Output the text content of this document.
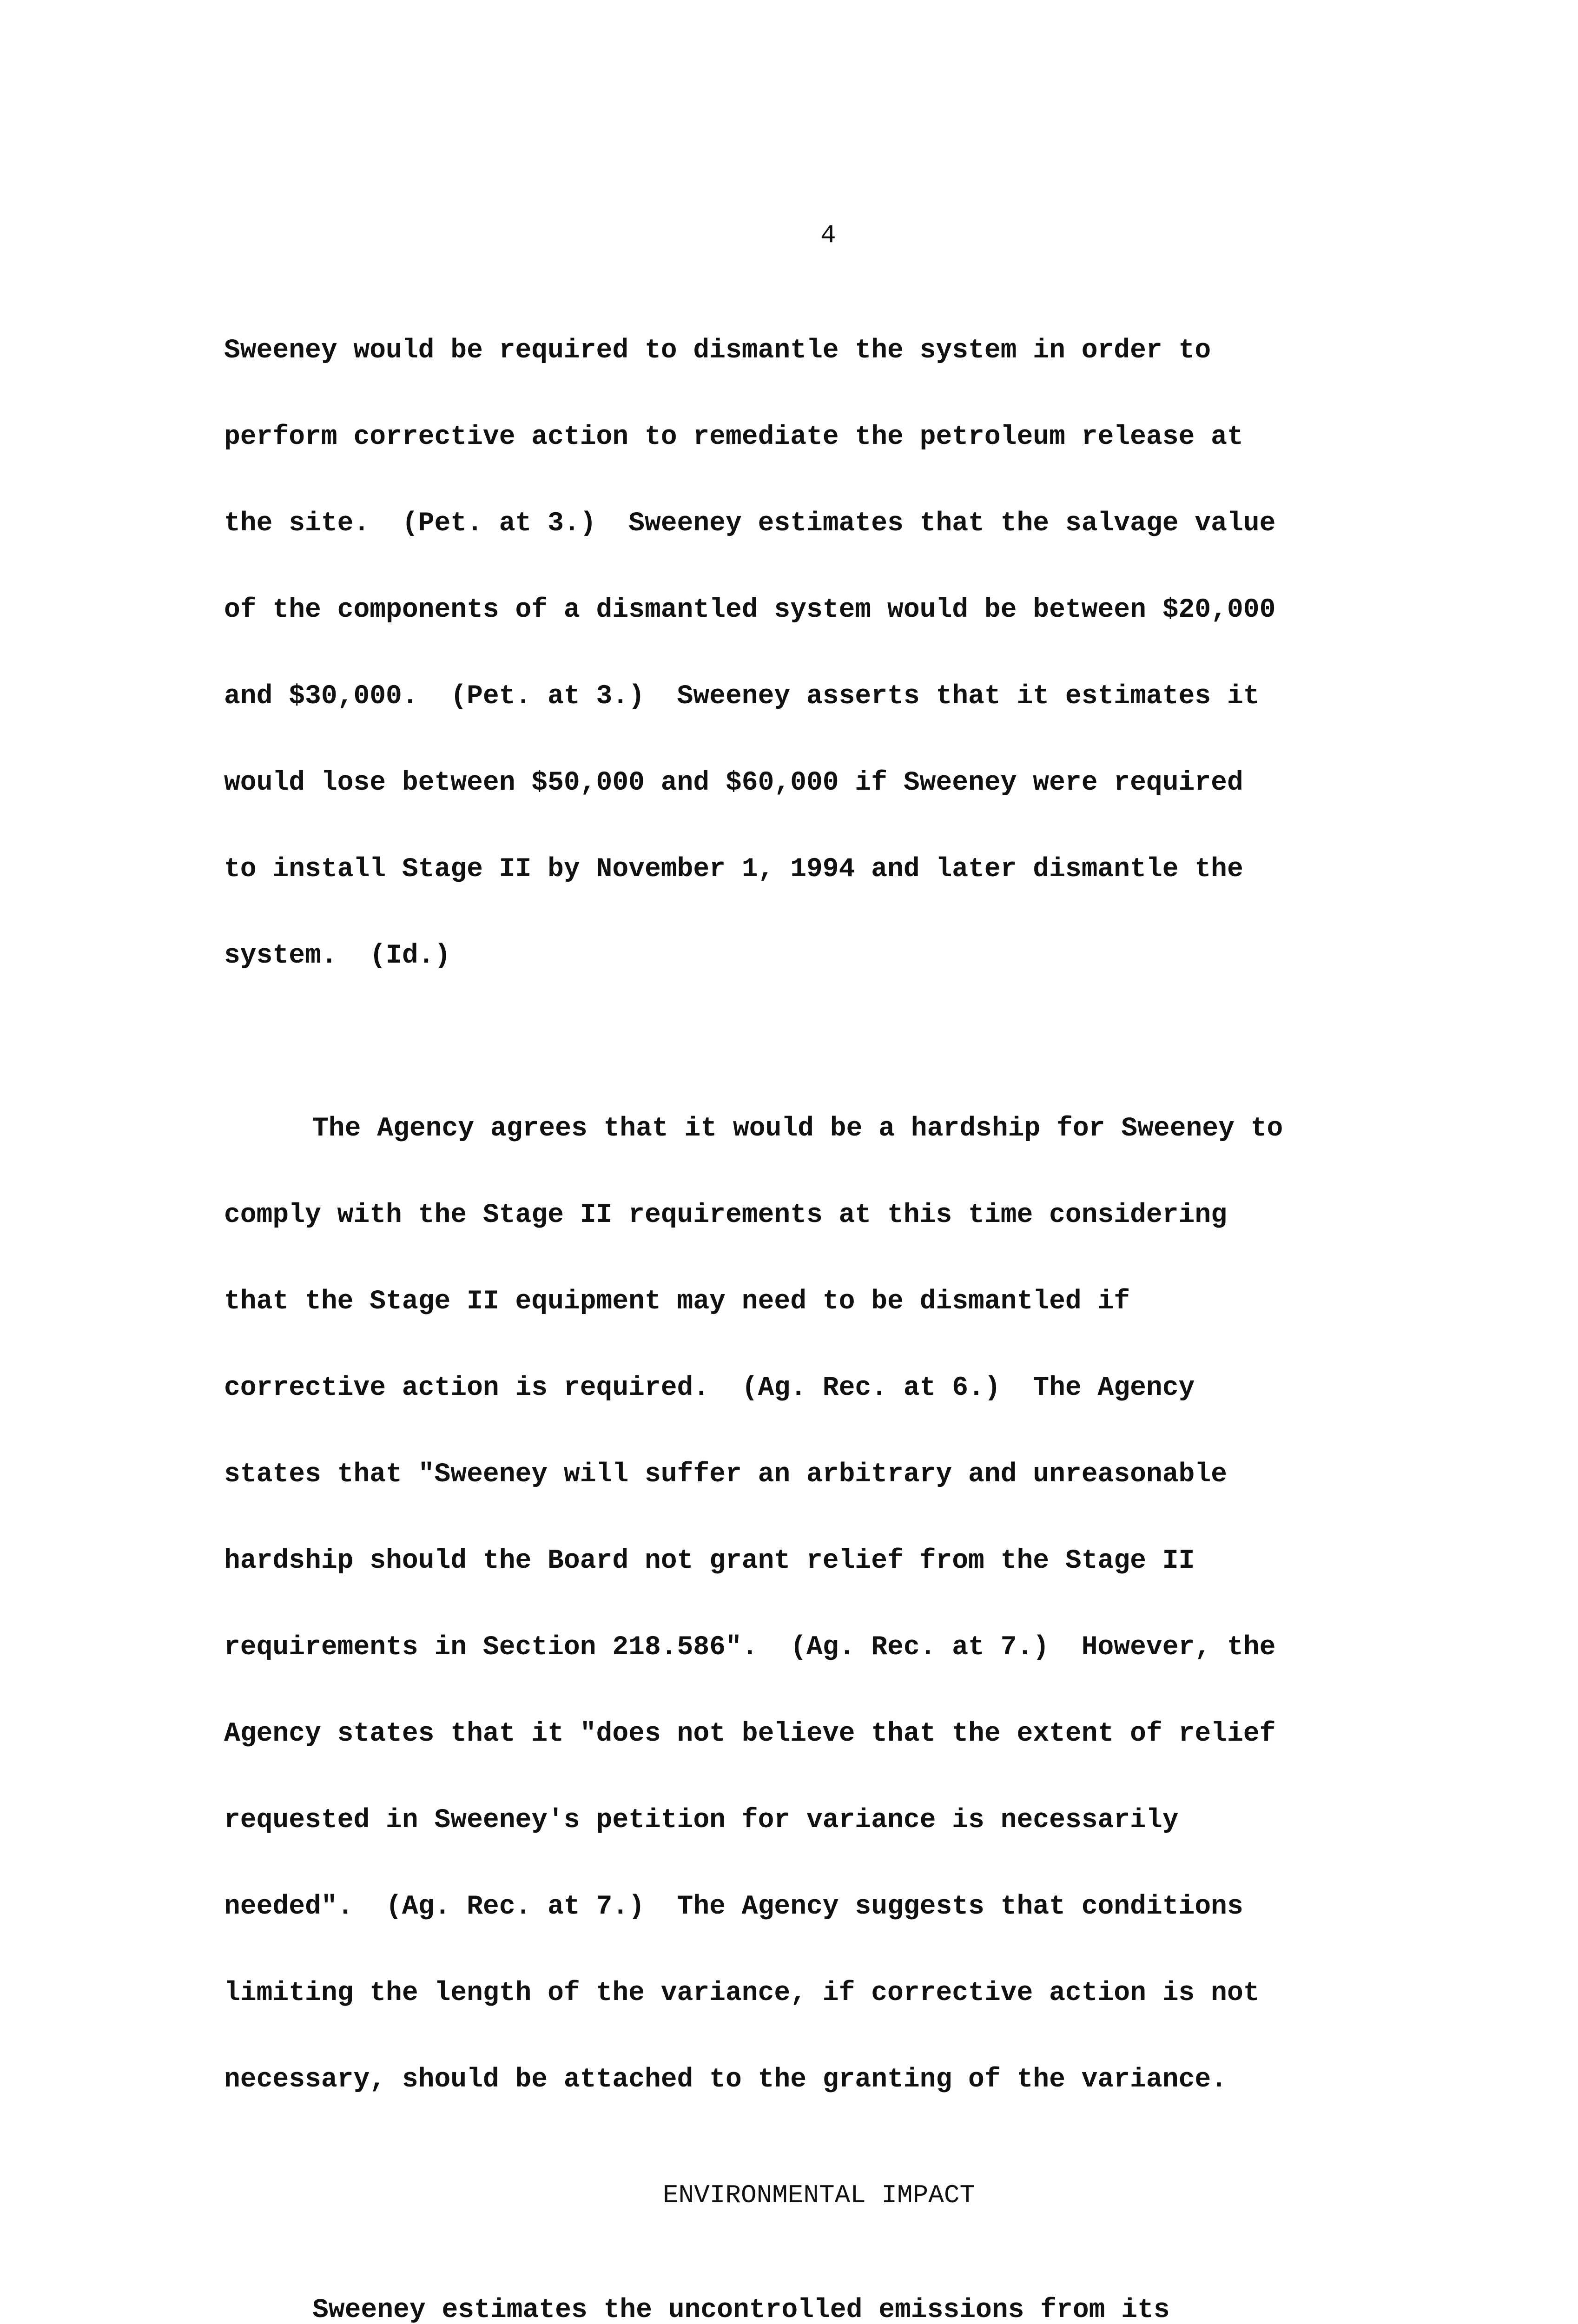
4

Sweeney would be required to dismantle the system in order to

perform corrective action to remediate the petroleum release at

the site.  (Pet. at 3.)  Sweeney estimates that the salvage value

of the components of a dismantled system would be between $20,000

and $30,000.  (Pet. at 3.)  Sweeney asserts that it estimates it

would lose between $50,000 and $60,000 if Sweeney were required

to install Stage II by November 1, 1994 and later dismantle the

system.  (Id.)

The Agency agrees that it would be a hardship for Sweeney to

comply with the Stage II requirements at this time considering

that the Stage II equipment may need to be dismantled if

corrective action is required.  (Ag. Rec. at 6.)  The Agency

states that "Sweeney will suffer an arbitrary and unreasonable

hardship should the Board not grant relief from the Stage II

requirements in Section 218.586".  (Ag. Rec. at 7.)  However, the

Agency states that it "does not believe that the extent of relief

requested in Sweeney's petition for variance is necessarily

needed".  (Ag. Rec. at 7.)  The Agency suggests that conditions

limiting the length of the variance, if corrective action is not

necessary, should be attached to the granting of the variance.

ENVIRONMENTAL IMPACT

Sweeney estimates the uncontrolled emissions from its
